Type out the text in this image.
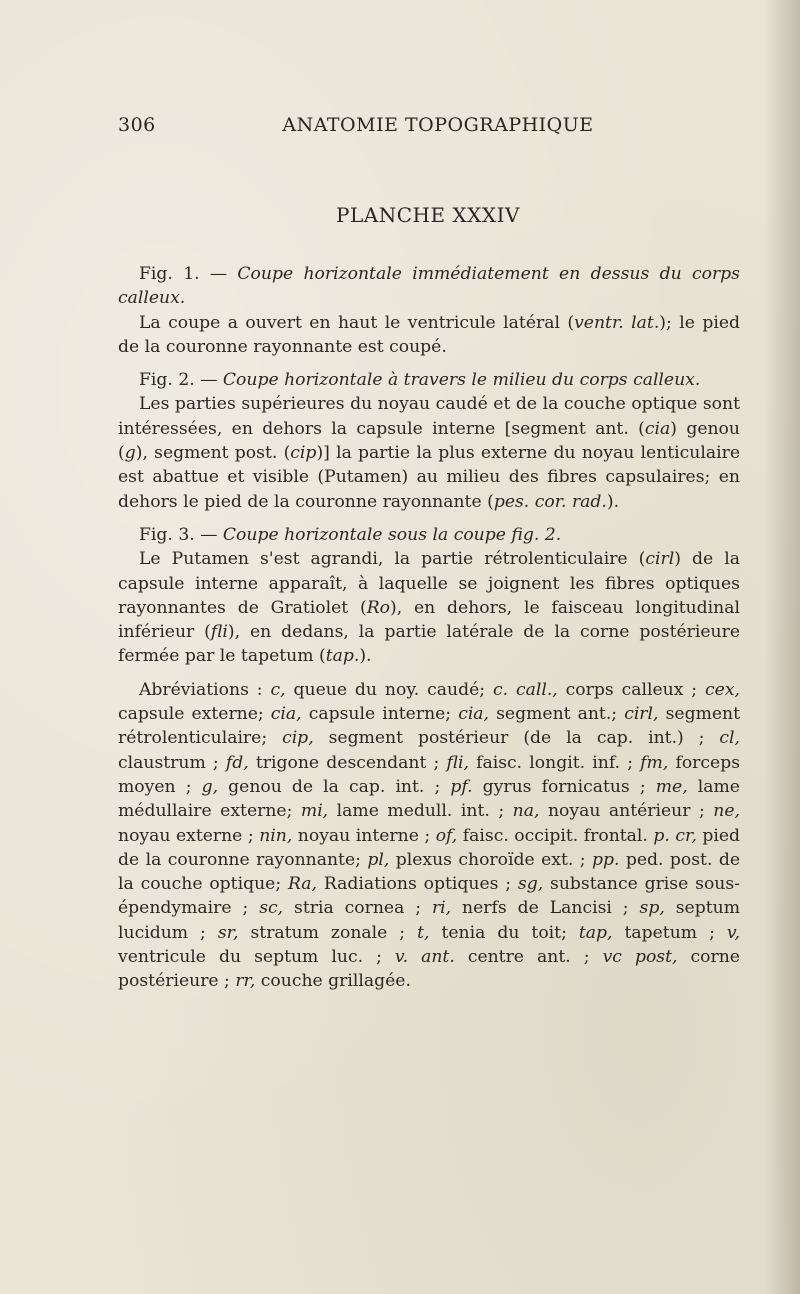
306	ANATOMIE TOPOGRAPHIQUE
PLANCHE XXXIV

Fig. 1. — Coupe horizontale immédiatement en dessus du corps calleux.

La coupe a ouvert en haut le ventricule latéral (ventr. lat.); le pied de la couronne rayonnante est coupé.

Fig. 2. — Coupe horizontale à travers le milieu du corps calleux.

Les parties supérieures du noyau caudé et de la couche optique sont intéressées, en dehors la capsule interne [segment ant. (cia) genou (g), segment post. (cip)] la partie la plus externe du noyau lenticulaire est abattue et visible (Putamen) au milieu des fibres capsulaires; en dehors le pied de la couronne rayonnante (pes. cor. rad.).

Fig. 3. — Coupe horizontale sous la coupe fig. 2.

Le Putamen s'est agrandi, la partie rétrolenticulaire (cirl) de la capsule interne apparaît, à laquelle se joignent les fibres optiques rayonnantes de Gratiolet (Ro), en dehors, le faisceau longitudinal inférieur (fli), en dedans, la partie latérale de la corne postérieure fermée par le tapetum (tap.).

Abréviations : c, queue du noy. caudé; c. call., corps calleux ; cex, capsule externe; cia, capsule interne; cia, segment ant.; cirl, segment rétrolenticulaire; cip, segment postérieur (de la cap. int.) ; cl, claustrum ; fd, trigone descendant ; fli, faisc. longit. inf. ; fm, forceps moyen ; g, genou de la cap. int. ; pf. gyrus fornicatus ; me, lame médullaire externe; mi, lame medull. int. ; na, noyau antérieur ; ne, noyau externe ; nin, noyau interne ; of, faisc. occipit. frontal. p. cr, pied de la couronne rayonnante; pl, plexus choroïde ext. ; pp. ped. post. de la couche optique; Ra, Radiations optiques ; sg, substance grise sous-épendymaire ; sc, stria cornea ; ri, nerfs de Lancisi ; sp, septum lucidum ; sr, stratum zonale ; t, tenia du toit; tap, tapetum ; v, ventricule du septum luc. ; v. ant. centre ant. ; vc post, corne postérieure ; rr, couche grillagée.
